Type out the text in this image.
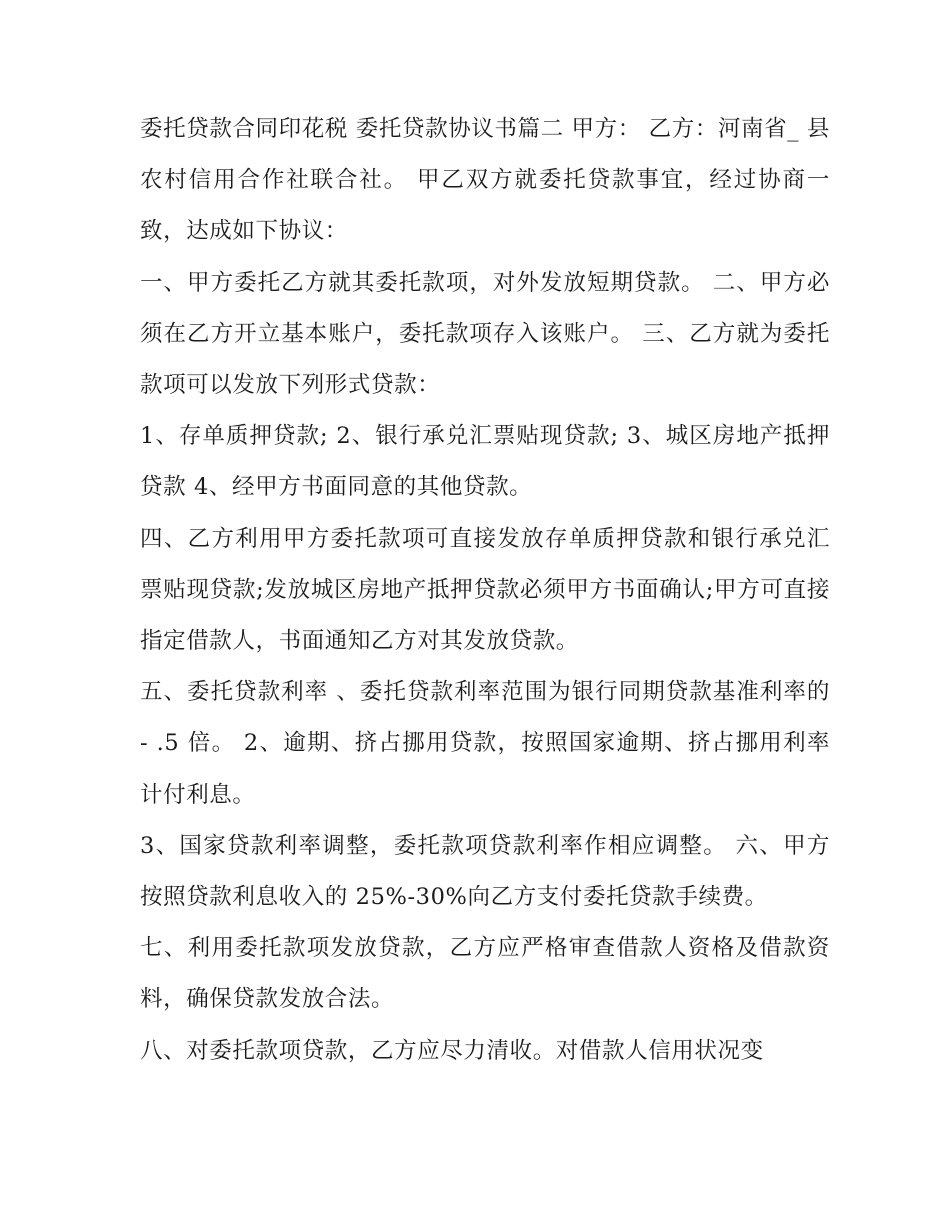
委托贷款合同印花税 委托贷款协议书篇二 甲方： 乙方：河南省_ 县农村信用合作社联合社。 甲乙双方就委托贷款事宜，经过协商一致，达成如下协议：

一、甲方委托乙方就其委托款项，对外发放短期贷款。 二、甲方必须在乙方开立基本账户，委托款项存入该账户。 三、乙方就为委托款项可以发放下列形式贷款：

1、存单质押贷款; 2、银行承兑汇票贴现贷款; 3、城区房地产抵押贷款 4、经甲方书面同意的其他贷款。

四、乙方利用甲方委托款项可直接发放存单质押贷款和银行承兑汇票贴现贷款;发放城区房地产抵押贷款必须甲方书面确认;甲方可直接指定借款人，书面通知乙方对其发放贷款。

五、委托贷款利率 、委托贷款利率范围为银行同期贷款基准利率的 - .5 倍。 2、逾期、挤占挪用贷款，按照国家逾期、挤占挪用利率计付利息。

3、国家贷款利率调整，委托款项贷款利率作相应调整。 六、甲方按照贷款利息收入的 25%-30%向乙方支付委托贷款手续费。

七、利用委托款项发放贷款，乙方应严格审查借款人资格及借款资料，确保贷款发放合法。

八、对委托款项贷款，乙方应尽力清收。对借款人信用状况变
